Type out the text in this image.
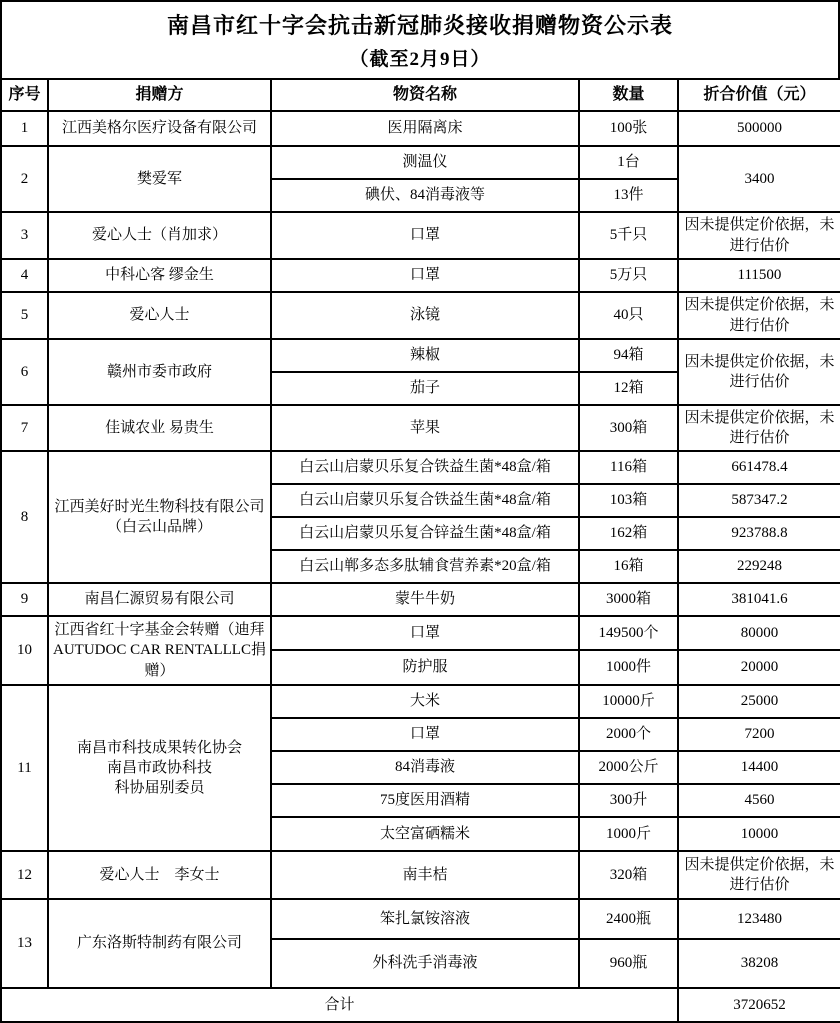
南昌市红十字会抗击新冠肺炎接收捐赠物资公示表
（截至2月9日）
序号	捐赠方	物资名称	数量	折合价值（元）
1	江西美格尔医疗设备有限公司	医用隔离床	100张	500000
2	樊爱军	测温仪	1台	3400
		碘伏、84消毒液等	13件	
3	爱心人士（肖加求）	口罩	5千只	因未提供定价依据，未进行估价
4	中科心客 缪金生	口罩	5万只	111500
5	爱心人士	泳镜	40只	因未提供定价依据，未进行估价
6	赣州市委市政府	辣椒	94箱	因未提供定价依据，未进行估价
		茄子	12箱	
7	佳诚农业 易贵生	苹果	300箱	因未提供定价依据，未进行估价
8	江西美好时光生物科技有限公司
（白云山品牌）	白云山启蒙贝乐复合铁益生菌*48盒/箱	116箱	661478.4
		白云山启蒙贝乐复合铁益生菌*48盒/箱	103箱	587347.2
		白云山启蒙贝乐复合锌益生菌*48盒/箱	162箱	923788.8
		白云山郸多态多肽辅食营养素*20盒/箱	16箱	229248
9	南昌仁源贸易有限公司	蒙牛牛奶	3000箱	381041.6
10	江西省红十字基金会转赠（迪拜
AUTUDOC CAR RENTALLLC捐赠）	口罩	149500个	80000
		防护服	1000件	20000
11	南昌市科技成果转化协会
南昌市政协科技
科协届别委员	大米	10000斤	25000
		口罩	2000个	7200
		84消毒液	2000公斤	14400
		75度医用酒精	300升	4560
		太空富硒糯米	1000斤	10000
12	爱心人士　李女士	南丰桔	320箱	因未提供定价依据，未进行估价
13	广东洛斯特制药有限公司	笨扎氯铵溶液	2400瓶	123480
		外科洗手消毒液	960瓶	38208
合计				3720652
